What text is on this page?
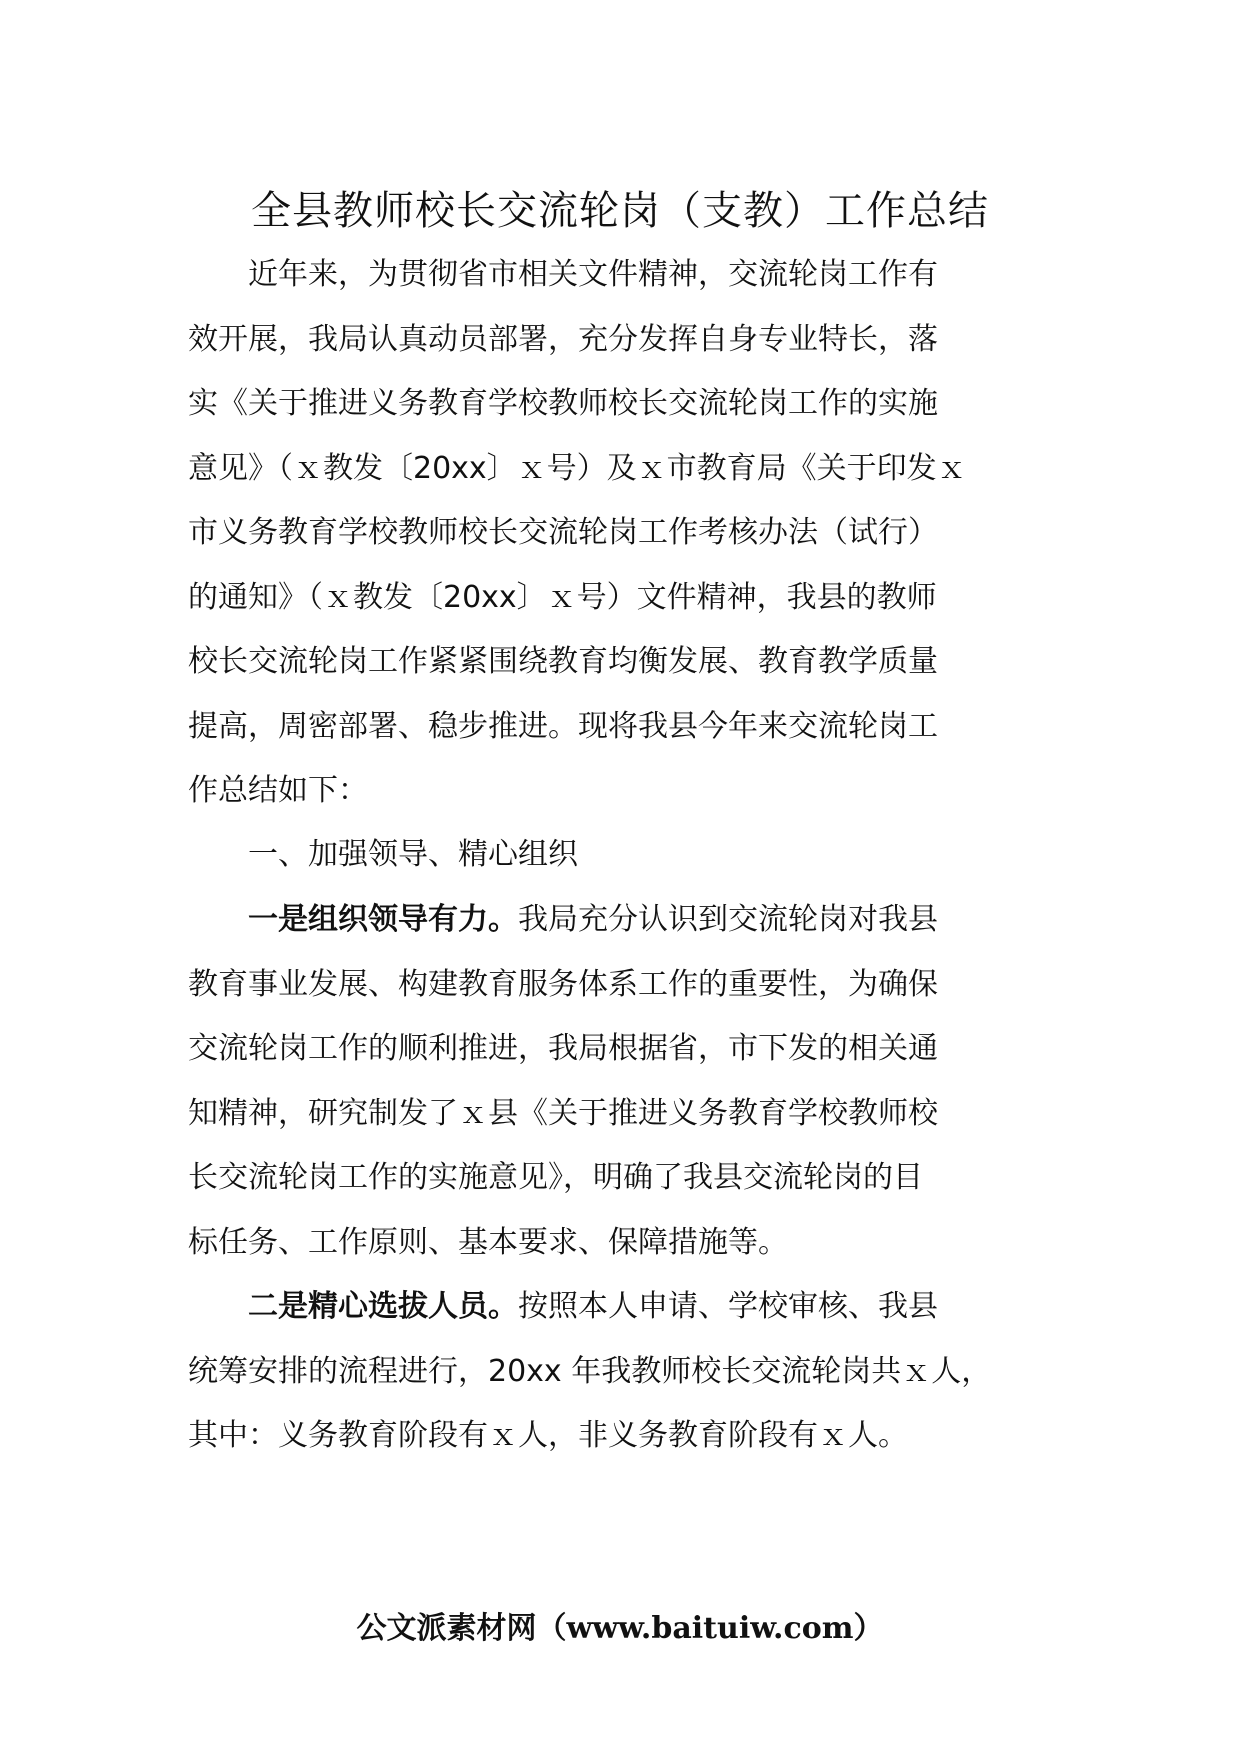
全县教师校长交流轮岗（支教）工作总结
　　近年来，为贯彻省市相关文件精神，交流轮岗工作有
效开展，我局认真动员部署，充分发挥自身专业特长，落
实《关于推进义务教育学校教师校长交流轮岗工作的实施
意见》（ｘ教发〔20xx〕ｘ号）及ｘ市教育局《关于印发ｘ
市义务教育学校教师校长交流轮岗工作考核办法（试行）
的通知》（ｘ教发〔20xx〕ｘ号）文件精神，我县的教师
校长交流轮岗工作紧紧围绕教育均衡发展、教育教学质量
提高，周密部署、稳步推进。现将我县今年来交流轮岗工
作总结如下：
　　一、加强领导、精心组织
　　一是组织领导有力。我局充分认识到交流轮岗对我县
教育事业发展、构建教育服务体系工作的重要性，为确保
交流轮岗工作的顺利推进，我局根据省，市下发的相关通
知精神，研究制发了ｘ县《关于推进义务教育学校教师校
长交流轮岗工作的实施意见》，明确了我县交流轮岗的目
标任务、工作原则、基本要求、保障措施等。
　　二是精心选拔人员。按照本人申请、学校审核、我县
统筹安排的流程进行，20xx 年我教师校长交流轮岗共ｘ人，
其中：义务教育阶段有ｘ人，非义务教育阶段有ｘ人。
公文派素材网（www.baituiw.com）
